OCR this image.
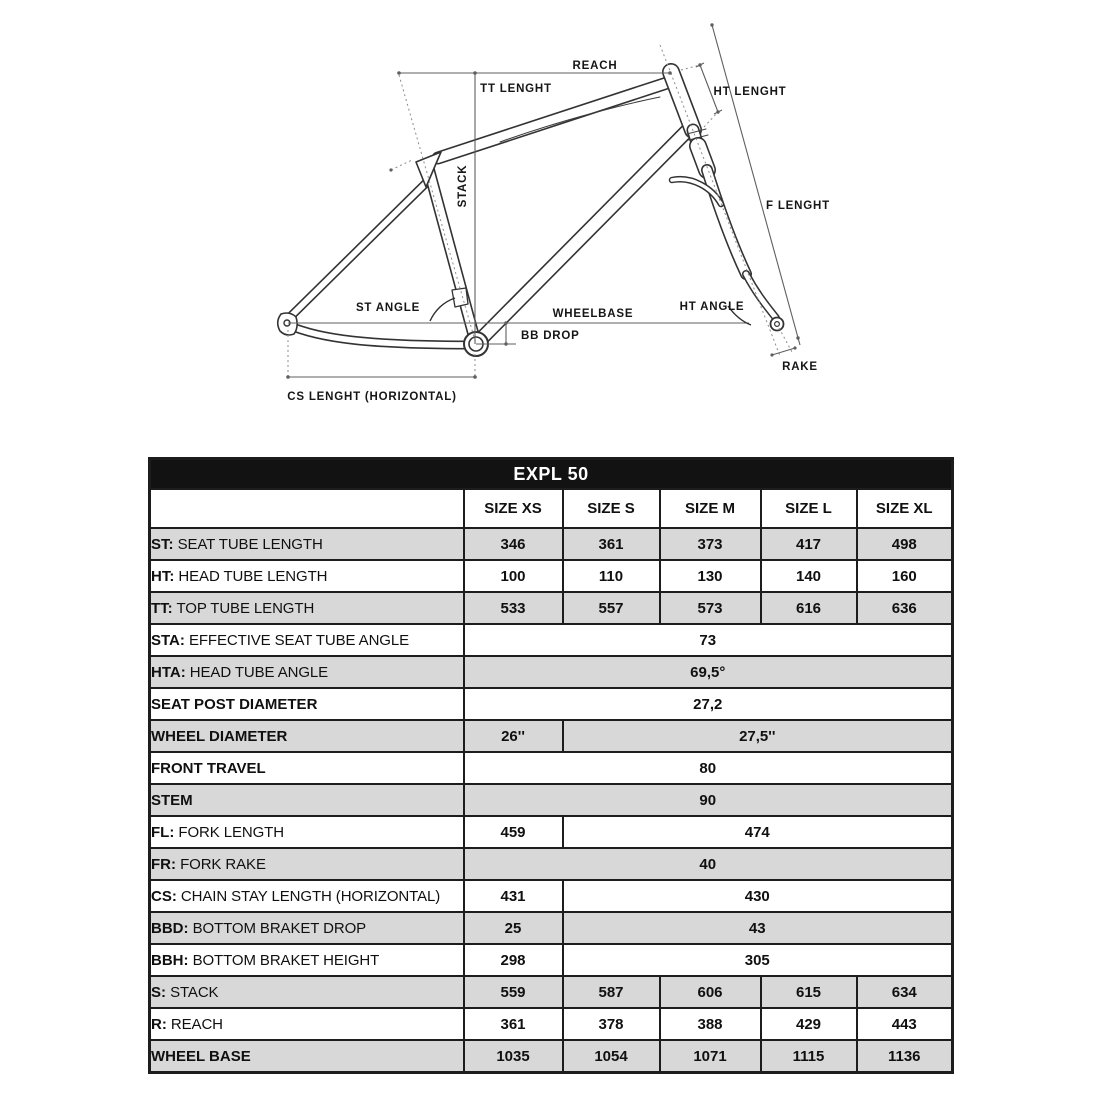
REACH
TT LENGHT	HT LENGHT
STACK	F LENGHT
ST ANGLE	WHEELBASE
BB DROP
HT ANGLE
RAKE
CS LENGHT (HORIZONTAL)
EXPL 50					
	SIZE XS	SIZE S	SIZE M	SIZE L	SIZE XL
ST: SEAT TUBE LENGTH	346	361	373	417	498
HT: HEAD TUBE LENGTH	100	110	130	140	160
TT: TOP TUBE LENGTH	533	557	573	616	636
STA: EFFECTIVE SEAT TUBE ANGLE	73				
HTA: HEAD TUBE ANGLE	69,5°				
SEAT POST DIAMETER	27,2				
WHEEL DIAMETER	26''	27,5''			
FRONT TRAVEL	80				
STEM	90				
FL: FORK LENGTH	459	474			
FR: FORK RAKE	40				
CS: CHAIN STAY LENGTH (HORIZONTAL)	431	430			
BBD: BOTTOM BRAKET DROP	25	43			
BBH: BOTTOM BRAKET HEIGHT	298	305			
S: STACK	559	587	606	615	634
R: REACH	361	378	388	429	443
WHEEL BASE	1035	1054	1071	1115	1136
